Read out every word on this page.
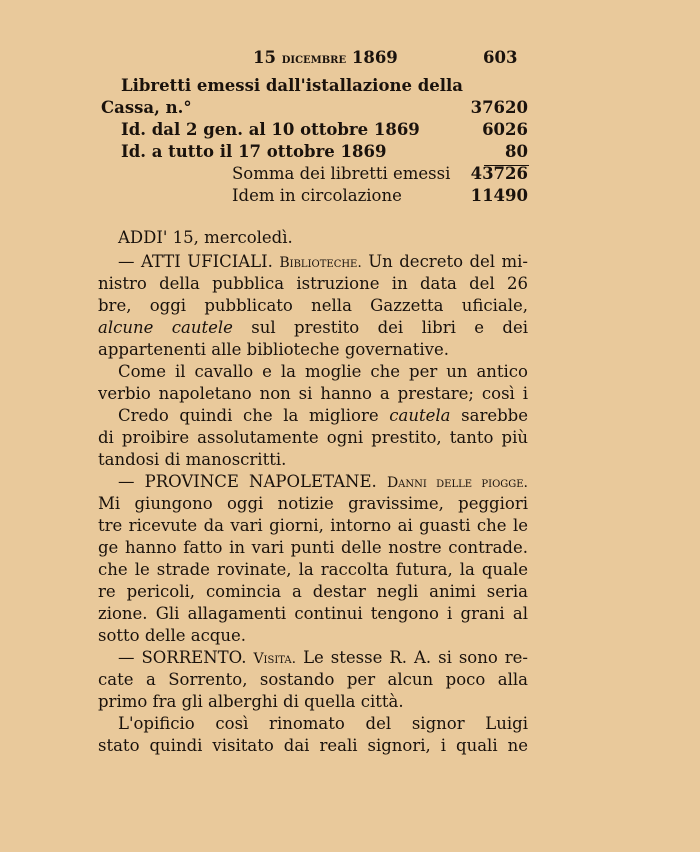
15 dicembre 1869	603
Libretti emessi dall'istallazione della
Cassa, n.°	37620
Id. dal 2 gen. al 10 ottobre 1869	6026
Id. a tutto il 17 ottobre 1869	80
Somma dei libretti emessi	43726
Idem in circolazione	11490
ADDI' 15, mercoledì.
— ATTI UFICIALI. Biblioteche. Un decreto del mi-
nistro della pubblica istruzione in data del 26
bre, oggi pubblicato nella Gazzetta uficiale,
alcune cautele sul prestito dei libri e dei
appartenenti alle biblioteche governative.
Come il cavallo e la moglie che per un antico
verbio napoletano non si hanno a prestare; così i
Credo quindi che la migliore cautela sarebbe
di proibire assolutamente ogni prestito, tanto più
tandosi di manoscritti.
— PROVINCE NAPOLETANE. Danni delle piogge.
Mi giungono oggi notizie gravissime, peggiori
tre ricevute da vari giorni, intorno ai guasti che le
ge hanno fatto in vari punti delle nostre contrade.
che le strade rovinate, la raccolta futura, la quale
re pericoli, comincia a destar negli animi seria
zione. Gli allagamenti continui tengono i grani al
sotto delle acque.
— SORRENTO. Visita. Le stesse R. A. si sono re-
cate a Sorrento, sostando per alcun poco alla
primo fra gli alberghi di quella città.
L'opificio così rinomato del signor Luigi
stato quindi visitato dai reali signori, i quali ne
